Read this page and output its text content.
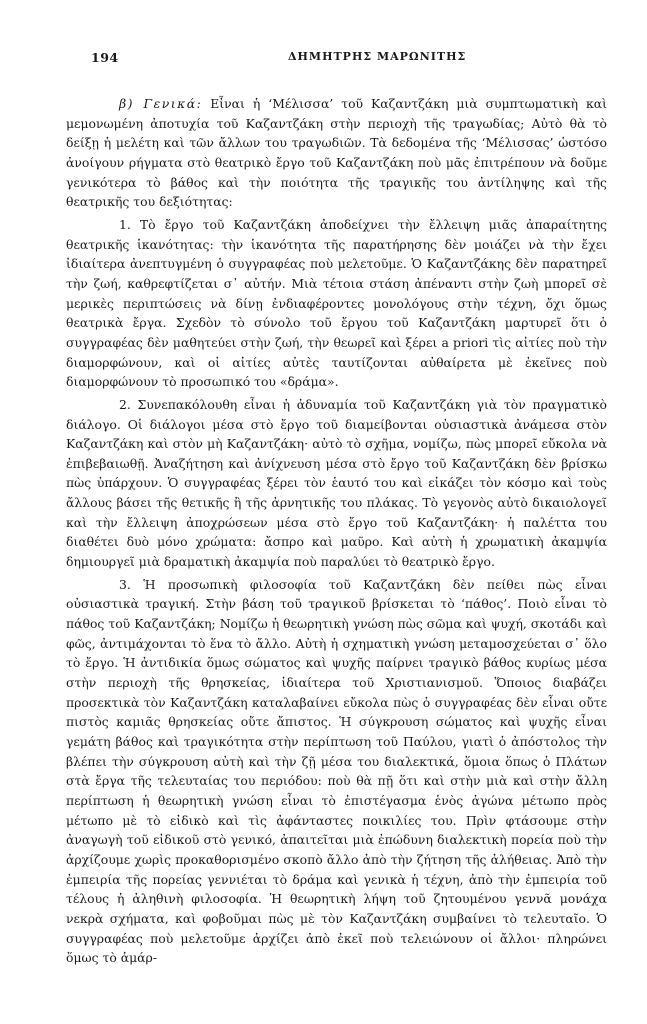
194	ΔΗΜΗΤΡΗΣ ΜΑΡΩΝΙΤΗΣ

β) Γενικά: Εἶναι ἡ ‘Μέλισσα’ τοῦ Καζαντζάκη μιὰ συμπτωματικὴ καὶ μεμονωμένη ἀποτυχία τοῦ Καζαντζάκη στὴν περιοχὴ τῆς τραγωδίας; Αὐτὸ θὰ τὸ δείξῃ ἡ μελέτη καὶ τῶν ἄλλων του τραγωδιῶν. Τὰ δεδομένα τῆς ‘Μέλισσας’ ὡστόσο ἀνοίγουν ρήγματα στὸ θεατρικὸ ἔργο τοῦ Καζαντζάκη ποὺ μᾶς ἐπιτρέπουν νὰ δοῦμε γενικότερα τὸ βάθος καὶ τὴν ποιότητα τῆς τραγικῆς του ἀντίληψης καὶ τῆς θεατρικῆς του δεξιότητας:

1. Τὸ ἔργο τοῦ Καζαντζάκη ἀποδείχνει τὴν ἔλλειψη μιᾶς ἀπαραίτητης θεατρικῆς ἱκανότητας: τὴν ἱκανότητα τῆς παρατήρησης δὲν μοιάζει νὰ τὴν ἔχει ἰδιαίτερα ἀνεπτυγμένη ὁ συγγραφέας ποὺ μελετοῦμε. Ὁ Καζαντζάκης δὲν παρατηρεῖ τὴν ζωή, καθρεφτίζεται σ᾽ αὐτήν. Μιὰ τέτοια στάση ἀπέναντι στὴν ζωὴ μπορεῖ σὲ μερικὲς περιπτώσεις νὰ δίνῃ ἐνδιαφέροντες μονολόγους στὴν τέχνη, ὄχι ὅμως θεατρικὰ ἔργα. Σχεδὸν τὸ σύνολο τοῦ ἔργου τοῦ Καζαντζάκη μαρτυρεῖ ὅτι ὁ συγγραφέας δὲν μαθητεύει στὴν ζωή, τὴν θεωρεῖ καὶ ξέρει a priori τὶς αἰτίες ποὺ τὴν διαμορφώνουν, καὶ οἱ αἰτίες αὐτὲς ταυτίζονται αὐθαίρετα μὲ ἐκεῖνες ποὺ διαμορφώνουν τὸ προσωπικό του «δράμα».

2. Συνεπακόλουθη εἶναι ἡ ἀδυναμία τοῦ Καζαντζάκη γιὰ τὸν πραγματικὸ διάλογο. Οἱ διάλογοι μέσα στὸ ἔργο τοῦ διαμείβονται οὐσιαστικὰ ἀνάμεσα στὸν Καζαντζάκη καὶ στὸν μὴ Καζαντζάκη· αὐτὸ τὸ σχῆμα, νομίζω, πὼς μπορεῖ εὔκολα νὰ ἐπιβεβαιωθῇ. Ἀναζήτηση καὶ ἀνίχνευση μέσα στὸ ἔργο τοῦ Καζαντζάκη δὲν βρίσκω πὼς ὑπάρχουν. Ὁ συγγραφέας ξέρει τὸν ἑαυτό του καὶ εἰκάζει τὸν κόσμο καὶ τοὺς ἄλλους βάσει τῆς θετικῆς ἢ τῆς ἀρνητικῆς του πλάκας. Τὸ γεγονὸς αὐτὸ δικαιολογεῖ καὶ τὴν ἔλλειψη ἀποχρώσεων μέσα στὸ ἔργο τοῦ Καζαντζάκη· ἡ παλέττα του διαθέτει δυὸ μόνο χρώματα: ἄσπρο καὶ μαῦρο. Καὶ αὐτὴ ἡ χρωματικὴ ἀκαμψία δημιουργεῖ μιὰ δραματικὴ ἀκαμψία ποὺ παραλύει τὸ θεατρικὸ ἔργο.

3. Ἡ προσωπικὴ φιλοσοφία τοῦ Καζαντζάκη δὲν πείθει πὼς εἶναι οὐσιαστικὰ τραγική. Στὴν βάση τοῦ τραγικοῦ βρίσκεται τὸ ‘πάθος’. Ποιὸ εἶναι τὸ πάθος τοῦ Καζαντζάκη; Νομίζω ἡ θεωρητικὴ γνώση πὼς σῶμα καὶ ψυχή, σκοτάδι καὶ φῶς, ἀντιμάχονται τὸ ἕνα τὸ ἄλλο. Αὐτὴ ἡ σχηματικὴ γνώση μεταμοσχεύεται σ᾽ ὅλο τὸ ἔργο. Ἡ ἀντιδικία ὅμως σώματος καὶ ψυχῆς παίρνει τραγικὸ βάθος κυρίως μέσα στὴν περιοχὴ τῆς θρησκείας, ἰδιαίτερα τοῦ Χριστιανισμοῦ. Ὅποιος διαβάζει προσεκτικὰ τὸν Καζαντζάκη καταλαβαίνει εὔκολα πὼς ὁ συγγραφέας δὲν εἶναι οὔτε πιστὸς καμιᾶς θρησκείας οὔτε ἄπιστος. Ἡ σύγκρουση σώματος καὶ ψυχῆς εἶναι γεμάτη βάθος καὶ τραγικότητα στὴν περίπτωση τοῦ Παύλου, γιατὶ ὁ ἀπόστολος τὴν βλέπει τὴν σύγκρουση αὐτὴ καὶ τὴν ζῇ μέσα του διαλεκτικά, ὅμοια ὅπως ὁ Πλάτων στὰ ἔργα τῆς τελευταίας του περιόδου: ποὺ θὰ πῇ ὅτι καὶ στὴν μιὰ καὶ στὴν ἄλλη περίπτωση ἡ θεωρητικὴ γνώση εἶναι τὸ ἐπιστέγασμα ἑνὸς ἀγώνα μέτωπο πρὸς μέτωπο μὲ τὸ εἰδικὸ καὶ τὶς ἀφάνταστες ποικιλίες του. Πρὶν φτάσουμε στὴν ἀναγωγὴ τοῦ εἰδικοῦ στὸ γενικό, ἀπαιτεῖται μιὰ ἐπώδυνη διαλεκτικὴ πορεία ποὺ τὴν ἀρχίζουμε χωρὶς προκαθορισμένο σκοπὸ ἄλλο ἀπὸ τὴν ζήτηση τῆς ἀλήθειας. Ἀπὸ τὴν ἐμπειρία τῆς πορείας γεννιέται τὸ δράμα καὶ γενικὰ ἡ τέχνη, ἀπὸ τὴν ἐμπειρία τοῦ τέλους ἡ ἀληθινὴ φιλοσοφία. Ἡ θεωρητικὴ λήψη τοῦ ζητουμένου γεννᾶ μονάχα νεκρὰ σχήματα, καὶ φοβοῦμαι πὼς μὲ τὸν Καζαντζάκη συμβαίνει τὸ τελευταῖο. Ὁ συγγραφέας ποὺ μελετοῦμε ἀρχίζει ἀπὸ ἐκεῖ ποὺ τελειώνουν οἱ ἄλλοι· πληρώνει ὅμως τὸ ἀμάρ-
